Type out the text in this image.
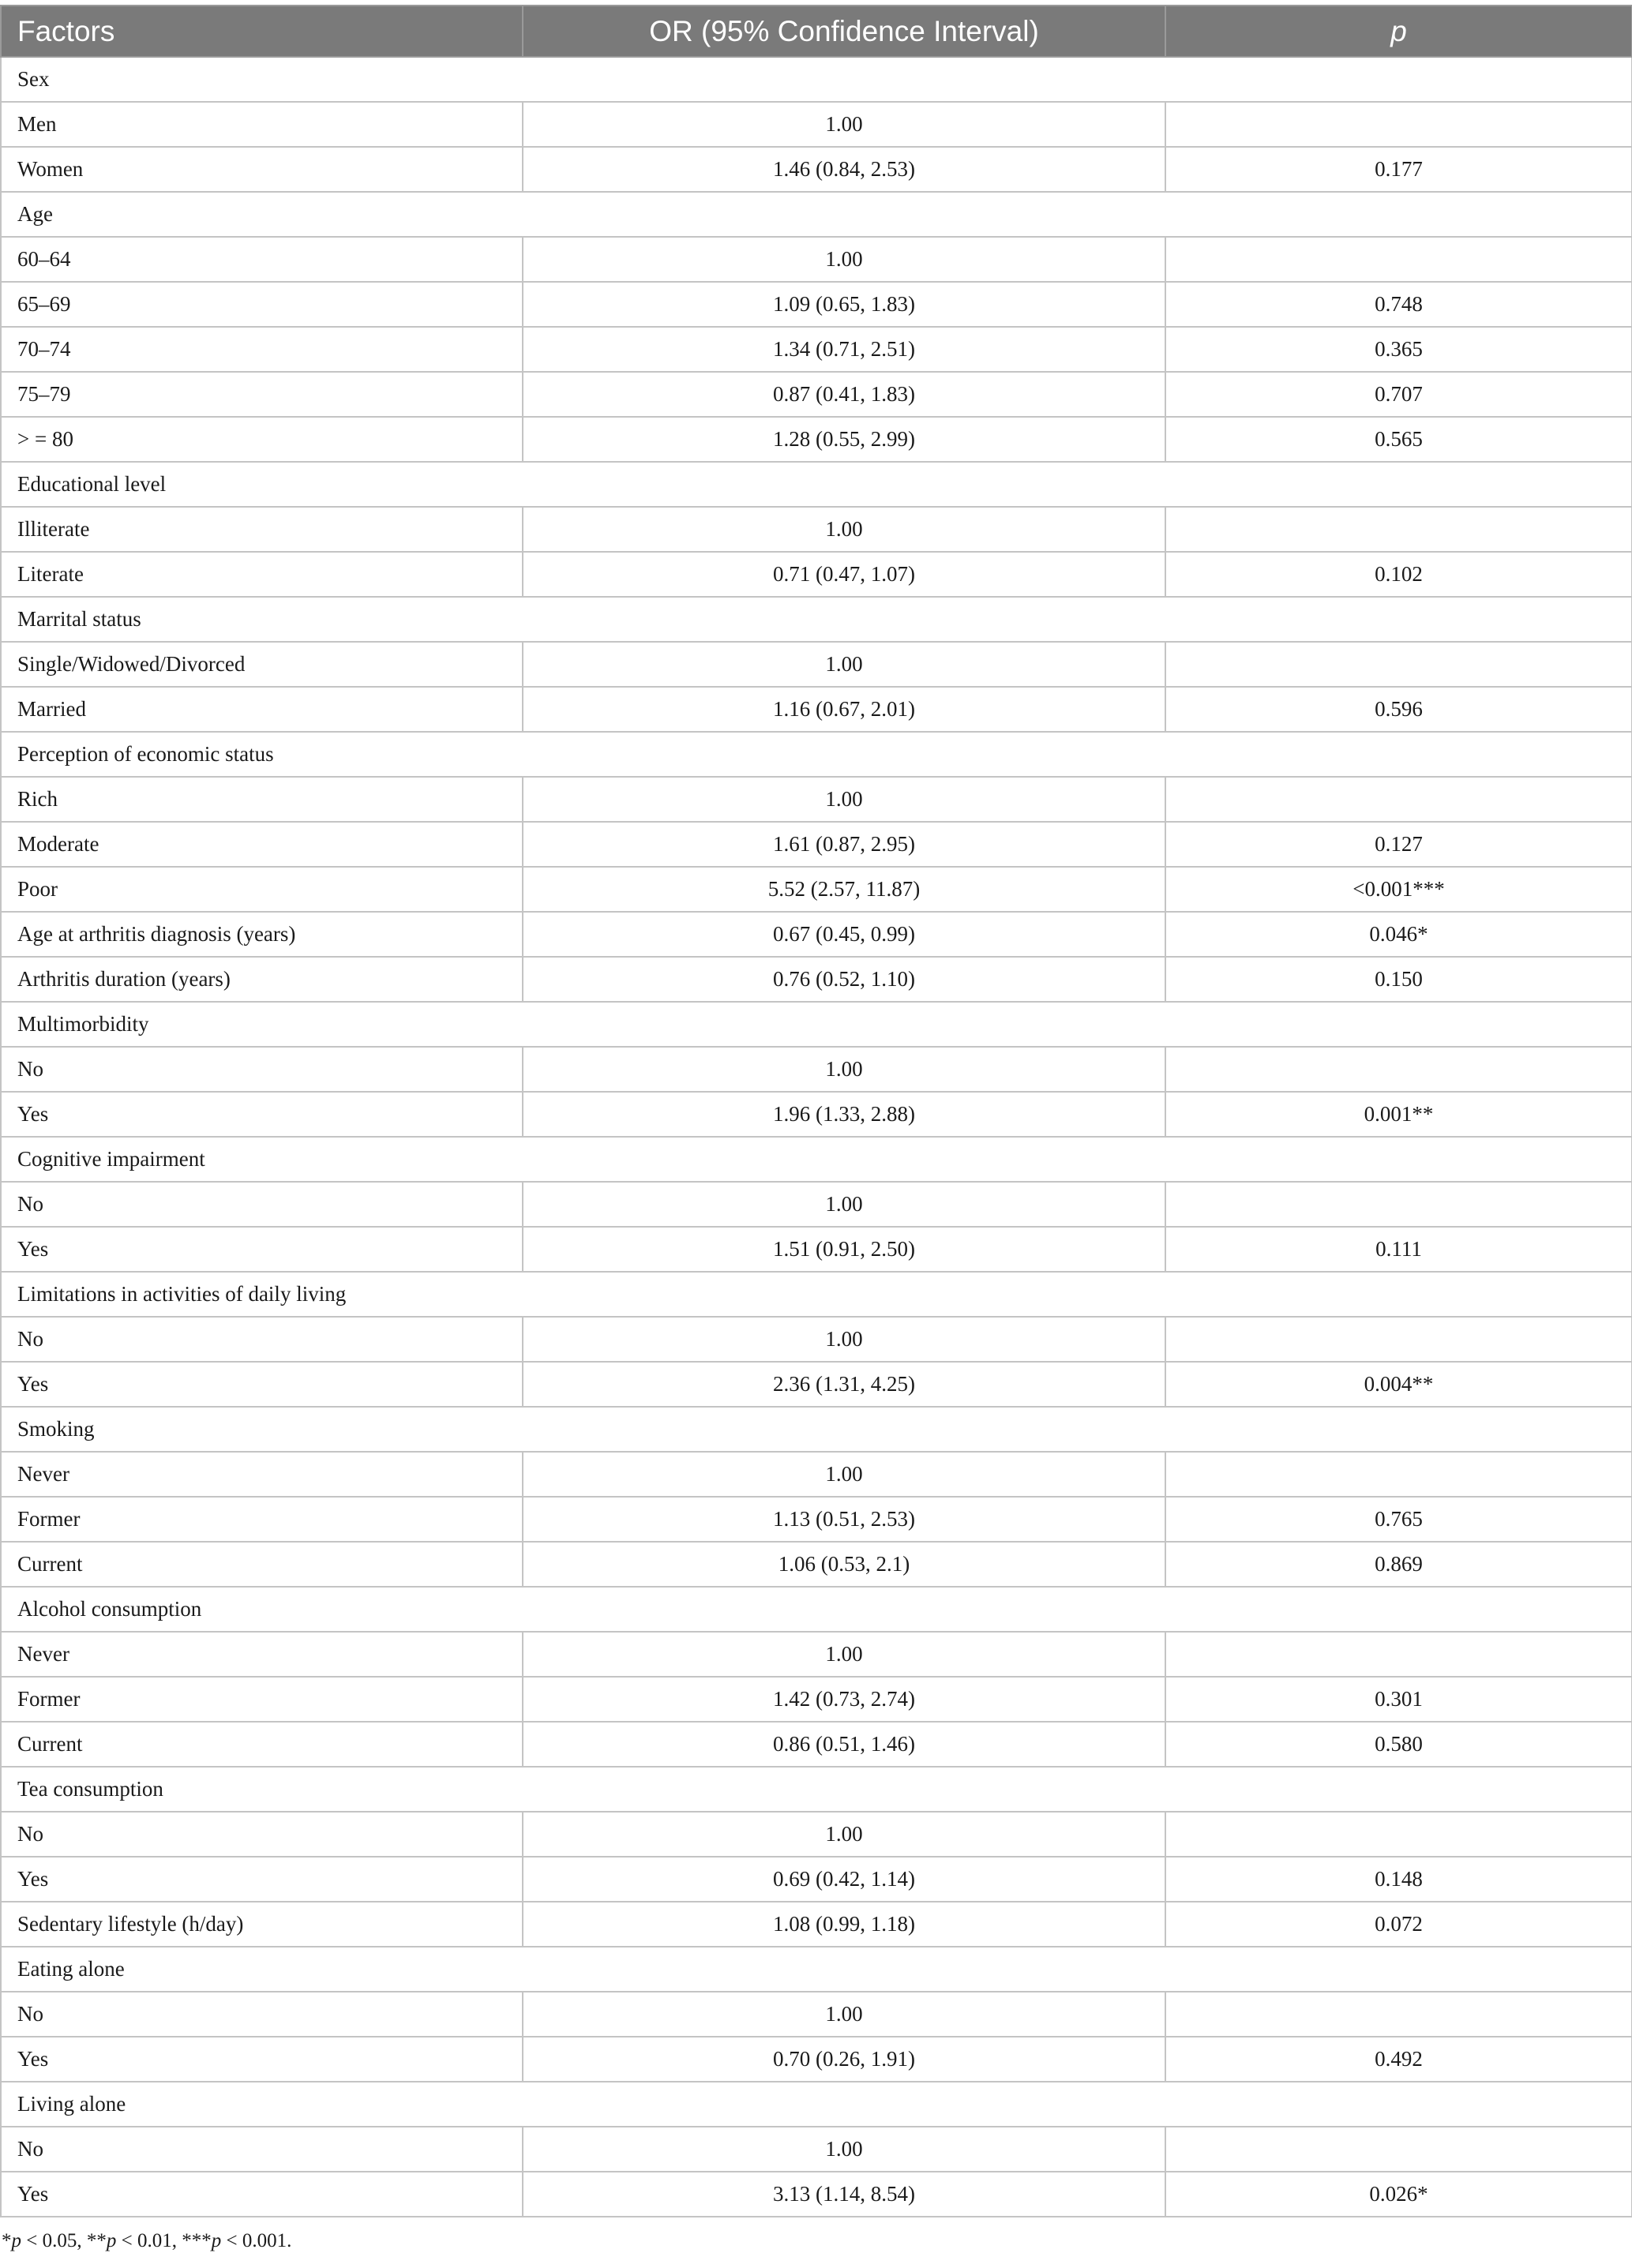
Factors	OR (95% Confidence Interval)	p
Sex		
Men	1.00	
Women	1.46 (0.84, 2.53)	0.177
Age		
60–64	1.00	
65–69	1.09 (0.65, 1.83)	0.748
70–74	1.34 (0.71, 2.51)	0.365
75–79	0.87 (0.41, 1.83)	0.707
> = 80	1.28 (0.55, 2.99)	0.565
Educational level		
Illiterate	1.00	
Literate	0.71 (0.47, 1.07)	0.102
Marrital status		
Single/Widowed/Divorced	1.00	
Married	1.16 (0.67, 2.01)	0.596
Perception of economic status		
Rich	1.00	
Moderate	1.61 (0.87, 2.95)	0.127
Poor	5.52 (2.57, 11.87)	<0.001***
Age at arthritis diagnosis (years)	0.67 (0.45, 0.99)	0.046*
Arthritis duration (years)	0.76 (0.52, 1.10)	0.150
Multimorbidity		
No	1.00	
Yes	1.96 (1.33, 2.88)	0.001**
Cognitive impairment		
No	1.00	
Yes	1.51 (0.91, 2.50)	0.111
Limitations in activities of daily living		
No	1.00	
Yes	2.36 (1.31, 4.25)	0.004**
Smoking		
Never	1.00	
Former	1.13 (0.51, 2.53)	0.765
Current	1.06 (0.53, 2.1)	0.869
Alcohol consumption		
Never	1.00	
Former	1.42 (0.73, 2.74)	0.301
Current	0.86 (0.51, 1.46)	0.580
Tea consumption		
No	1.00	
Yes	0.69 (0.42, 1.14)	0.148
Sedentary lifestyle (h/day)	1.08 (0.99, 1.18)	0.072
Eating alone		
No	1.00	
Yes	0.70 (0.26, 1.91)	0.492
Living alone		
No	1.00	
Yes	3.13 (1.14, 8.54)	0.026*
*p < 0.05, **p < 0.01, ***p < 0.001.
